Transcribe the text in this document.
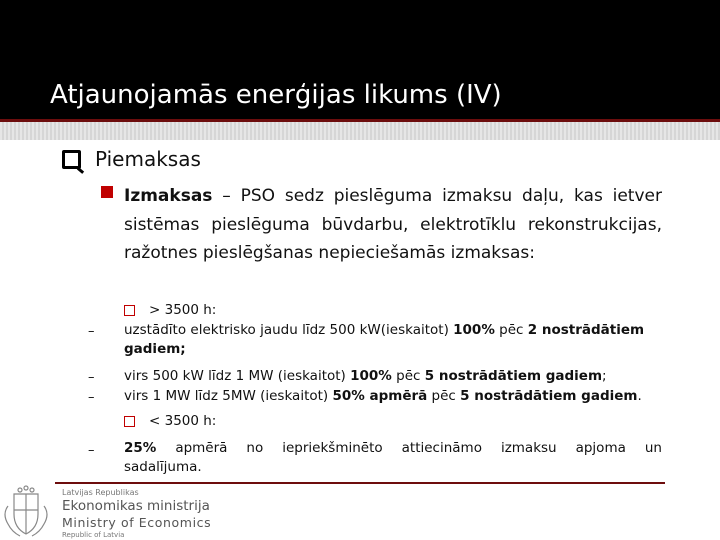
Atjaunojamās enerģijas likums (IV)
Piemaksas
Izmaksas – PSO sedz pieslēguma izmaksu daļu, kas ietver sistēmas pieslēguma būvdarbu, elektrotīklu rekonstrukcijas, ražotnes pieslēgšanas nepieciešamās izmaksas:
> 3500 h:
– uzstādīto elektrisko jaudu līdz 500 kW(ieskaitot) 100% pēc 2 nostrādātiem
gadiem;
– virs 500 kW līdz 1 MW (ieskaitot) 100% pēc 5 nostrādātiem gadiem;
– virs 1 MW līdz 5MW (ieskaitot) 50% apmērā pēc 5 nostrādātiem gadiem.
< 3500 h:
– 25% apmērā no iepriekšminēto attiecināmo izmaksu apjoma un
sadalījuma.
Latvijas Republikas
Ekonomikas ministrija
Ministry of Economics
Republic of Latvia
